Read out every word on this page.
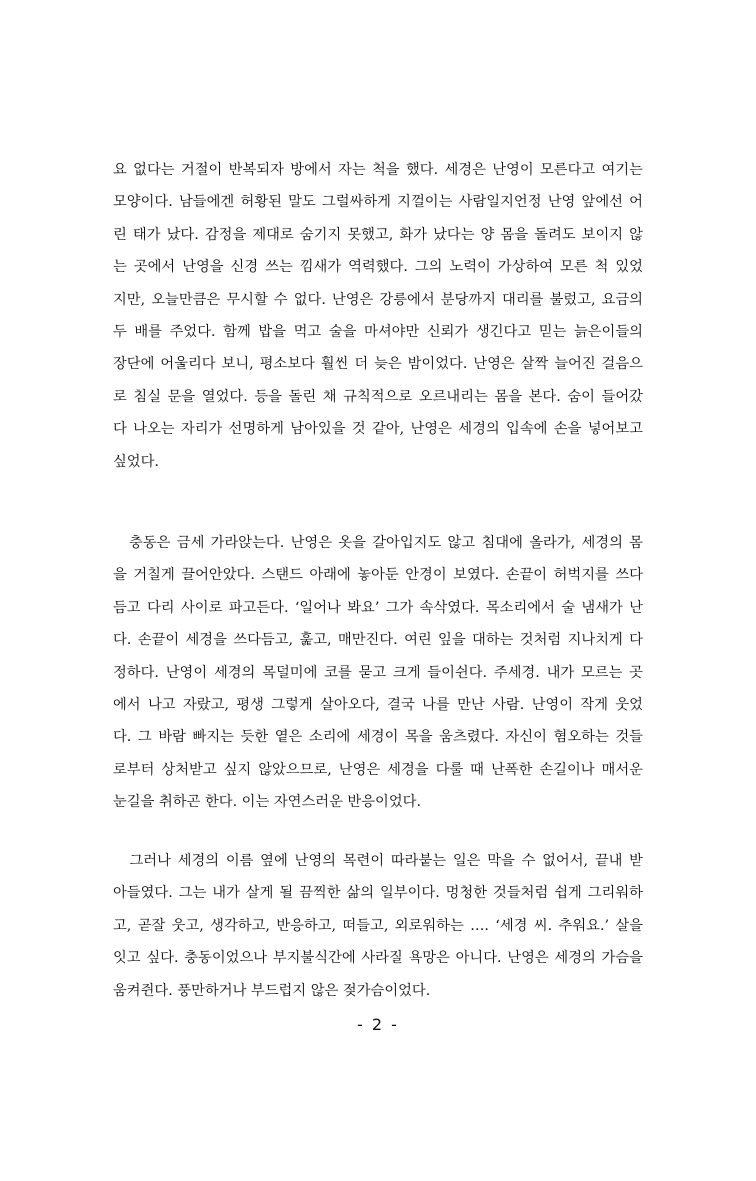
요 없다는 거절이 반복되자 방에서 자는 척을 했다. 세경은 난영이 모른다고 여기는
모양이다. 남들에겐 허황된 말도 그럴싸하게 지껄이는 사람일지언정 난영 앞에선 어
린 태가 났다. 감정을 제대로 숨기지 못했고, 화가 났다는 양 몸을 돌려도 보이지 않
는 곳에서 난영을 신경 쓰는 낌새가 역력했다. 그의 노력이 가상하여 모른 척 있었
지만, 오늘만큼은 무시할 수 없다. 난영은 강릉에서 분당까지 대리를 불렀고, 요금의
두 배를 주었다. 함께 밥을 먹고 술을 마셔야만 신뢰가 생긴다고 믿는 늙은이들의
장단에 어울리다 보니, 평소보다 훨씬 더 늦은 밤이었다. 난영은 살짝 늘어진 걸음으
로 침실 문을 열었다. 등을 돌린 채 규칙적으로 오르내리는 몸을 본다. 숨이 들어갔
다 나오는 자리가 선명하게 남아있을 것 같아, 난영은 세경의 입속에 손을 넣어보고
싶었다.
　충동은 금세 가라앉는다. 난영은 옷을 갈아입지도 않고 침대에 올라가, 세경의 몸
을 거칠게 끌어안았다. 스탠드 아래에 놓아둔 안경이 보였다. 손끝이 허벅지를 쓰다
듬고 다리 사이로 파고든다. ‘일어나 봐요’ 그가 속삭였다. 목소리에서 술 냄새가 난
다. 손끝이 세경을 쓰다듬고, 훑고, 매만진다. 여린 잎을 대하는 것처럼 지나치게 다
정하다. 난영이 세경의 목덜미에 코를 묻고 크게 들이쉰다. 주세경. 내가 모르는 곳
에서 나고 자랐고, 평생 그렇게 살아오다, 결국 나를 만난 사람. 난영이 작게 웃었
다. 그 바람 빠지는 듯한 옅은 소리에 세경이 목을 움츠렸다. 자신이 혐오하는 것들
로부터 상처받고 싶지 않았으므로, 난영은 세경을 다룰 때 난폭한 손길이나 매서운
눈길을 취하곤 한다. 이는 자연스러운 반응이었다.
　그러나 세경의 이름 옆에 난영의 목련이 따라붙는 일은 막을 수 없어서, 끝내 받
아들였다. 그는 내가 살게 될 끔찍한 삶의 일부이다. 멍청한 것들처럼 쉽게 그리워하
고, 곧잘 웃고, 생각하고, 반응하고, 떠들고, 외로워하는 …. ‘세경 씨. 추워요.’ 살을
잇고 싶다. 충동이었으나 부지불식간에 사라질 욕망은 아니다. 난영은 세경의 가슴을
움켜쥔다. 풍만하거나 부드럽지 않은 젖가슴이었다.
- 2 -
